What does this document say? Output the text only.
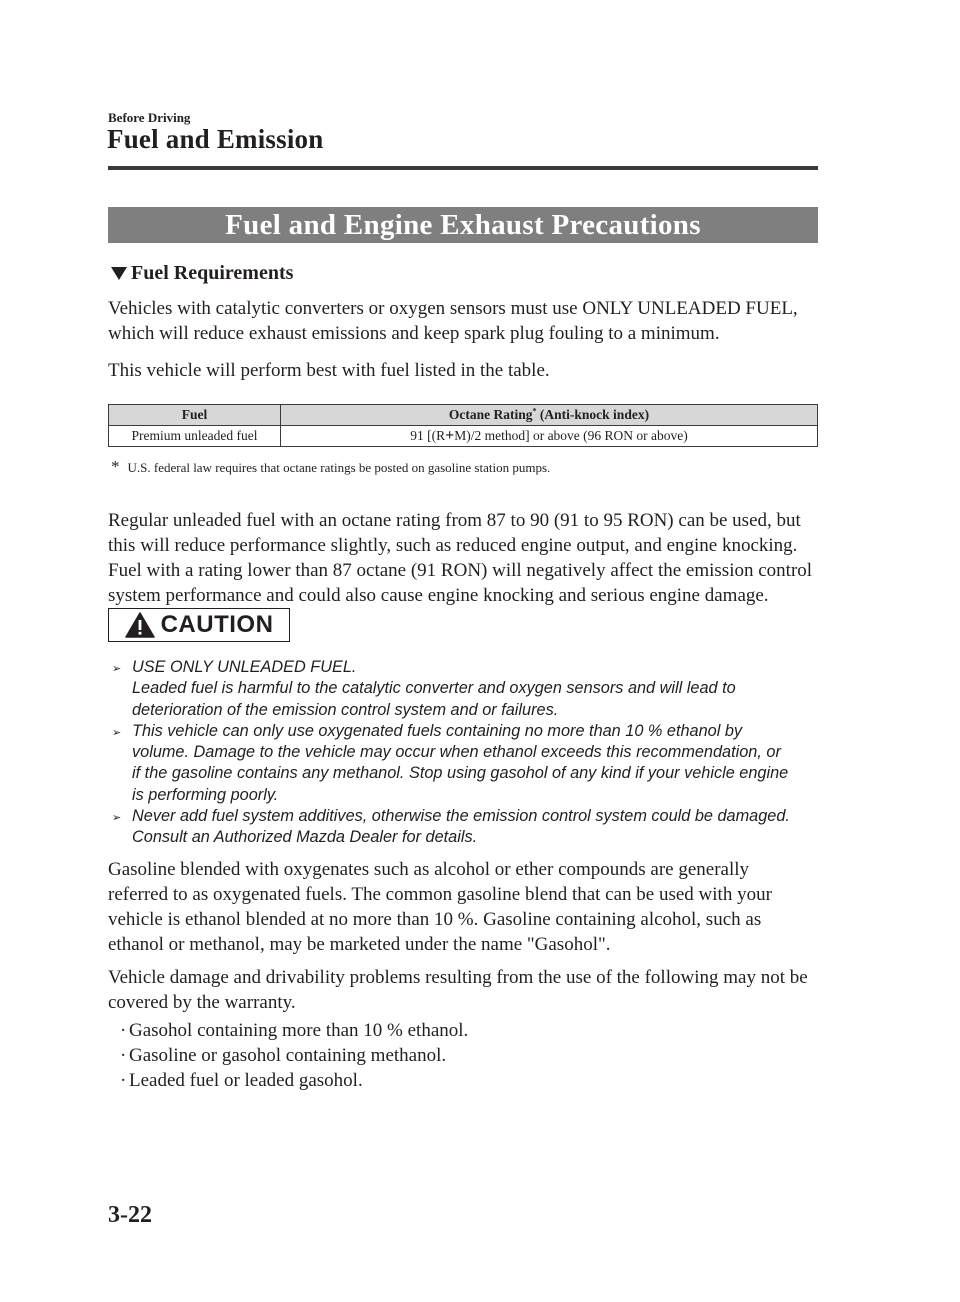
Before Driving
Fuel and Emission
Fuel and Engine Exhaust Precautions
Fuel Requirements
Vehicles with catalytic converters or oxygen sensors must use ONLY UNLEADED FUEL,
which will reduce exhaust emissions and keep spark plug fouling to a minimum.
This vehicle will perform best with fuel listed in the table.
Fuel	Octane Rating* (Anti-knock index)
Premium unleaded fuel	91 [(R+M)/2 method] or above (96 RON or above)
* U.S. federal law requires that octane ratings be posted on gasoline station pumps.
Regular unleaded fuel with an octane rating from 87 to 90 (91 to 95 RON) can be used, but
this will reduce performance slightly, such as reduced engine output, and engine knocking.
Fuel with a rating lower than 87 octane (91 RON) will negatively affect the emission control
system performance and could also cause engine knocking and serious engine damage.
CAUTION
➢ USE ONLY UNLEADED FUEL.
Leaded fuel is harmful to the catalytic converter and oxygen sensors and will lead to
deterioration of the emission control system and or failures.
➢ This vehicle can only use oxygenated fuels containing no more than 10 % ethanol by
volume. Damage to the vehicle may occur when ethanol exceeds this recommendation, or
if the gasoline contains any methanol. Stop using gasohol of any kind if your vehicle engine
is performing poorly.
➢ Never add fuel system additives, otherwise the emission control system could be damaged.
Consult an Authorized Mazda Dealer for details.
Gasoline blended with oxygenates such as alcohol or ether compounds are generally
referred to as oxygenated fuels. The common gasoline blend that can be used with your
vehicle is ethanol blended at no more than 10 %. Gasoline containing alcohol, such as
ethanol or methanol, may be marketed under the name "Gasohol".
Vehicle damage and drivability problems resulting from the use of the following may not be
covered by the warranty.
· Gasohol containing more than 10 % ethanol.
· Gasoline or gasohol containing methanol.
· Leaded fuel or leaded gasohol.
3-22
